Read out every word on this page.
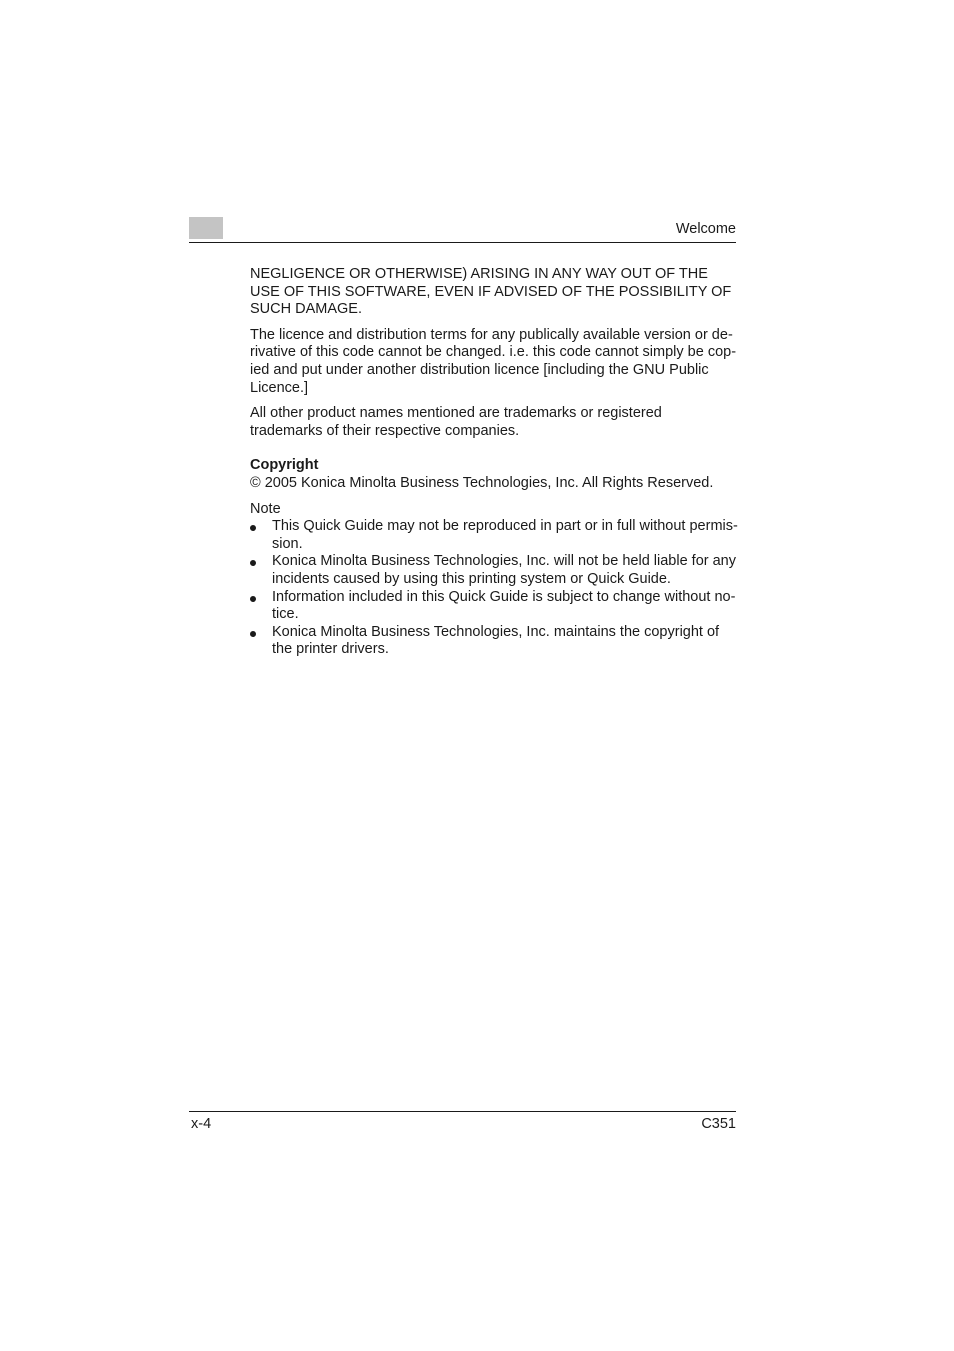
Welcome

NEGLIGENCE OR OTHERWISE) ARISING IN ANY WAY OUT OF THE USE OF THIS SOFTWARE, EVEN IF ADVISED OF THE POSSIBILITY OF SUCH DAMAGE.

The licence and distribution terms for any publically available version or de-rivative of this code cannot be changed. i.e. this code cannot simply be cop-ied and put under another distribution licence [including the GNU Public Licence.]

All other product names mentioned are trademarks or registered trademarks of their respective companies.

Copyright

© 2005 Konica Minolta Business Technologies, Inc. All Rights Reserved.

Note

This Quick Guide may not be reproduced in part or in full without permis-sion.
Konica Minolta Business Technologies, Inc. will not be held liable for any incidents caused by using this printing system or Quick Guide.
Information included in this Quick Guide is subject to change without no-tice.
Konica Minolta Business Technologies, Inc. maintains the copyright of the printer drivers.
x-4	C351
